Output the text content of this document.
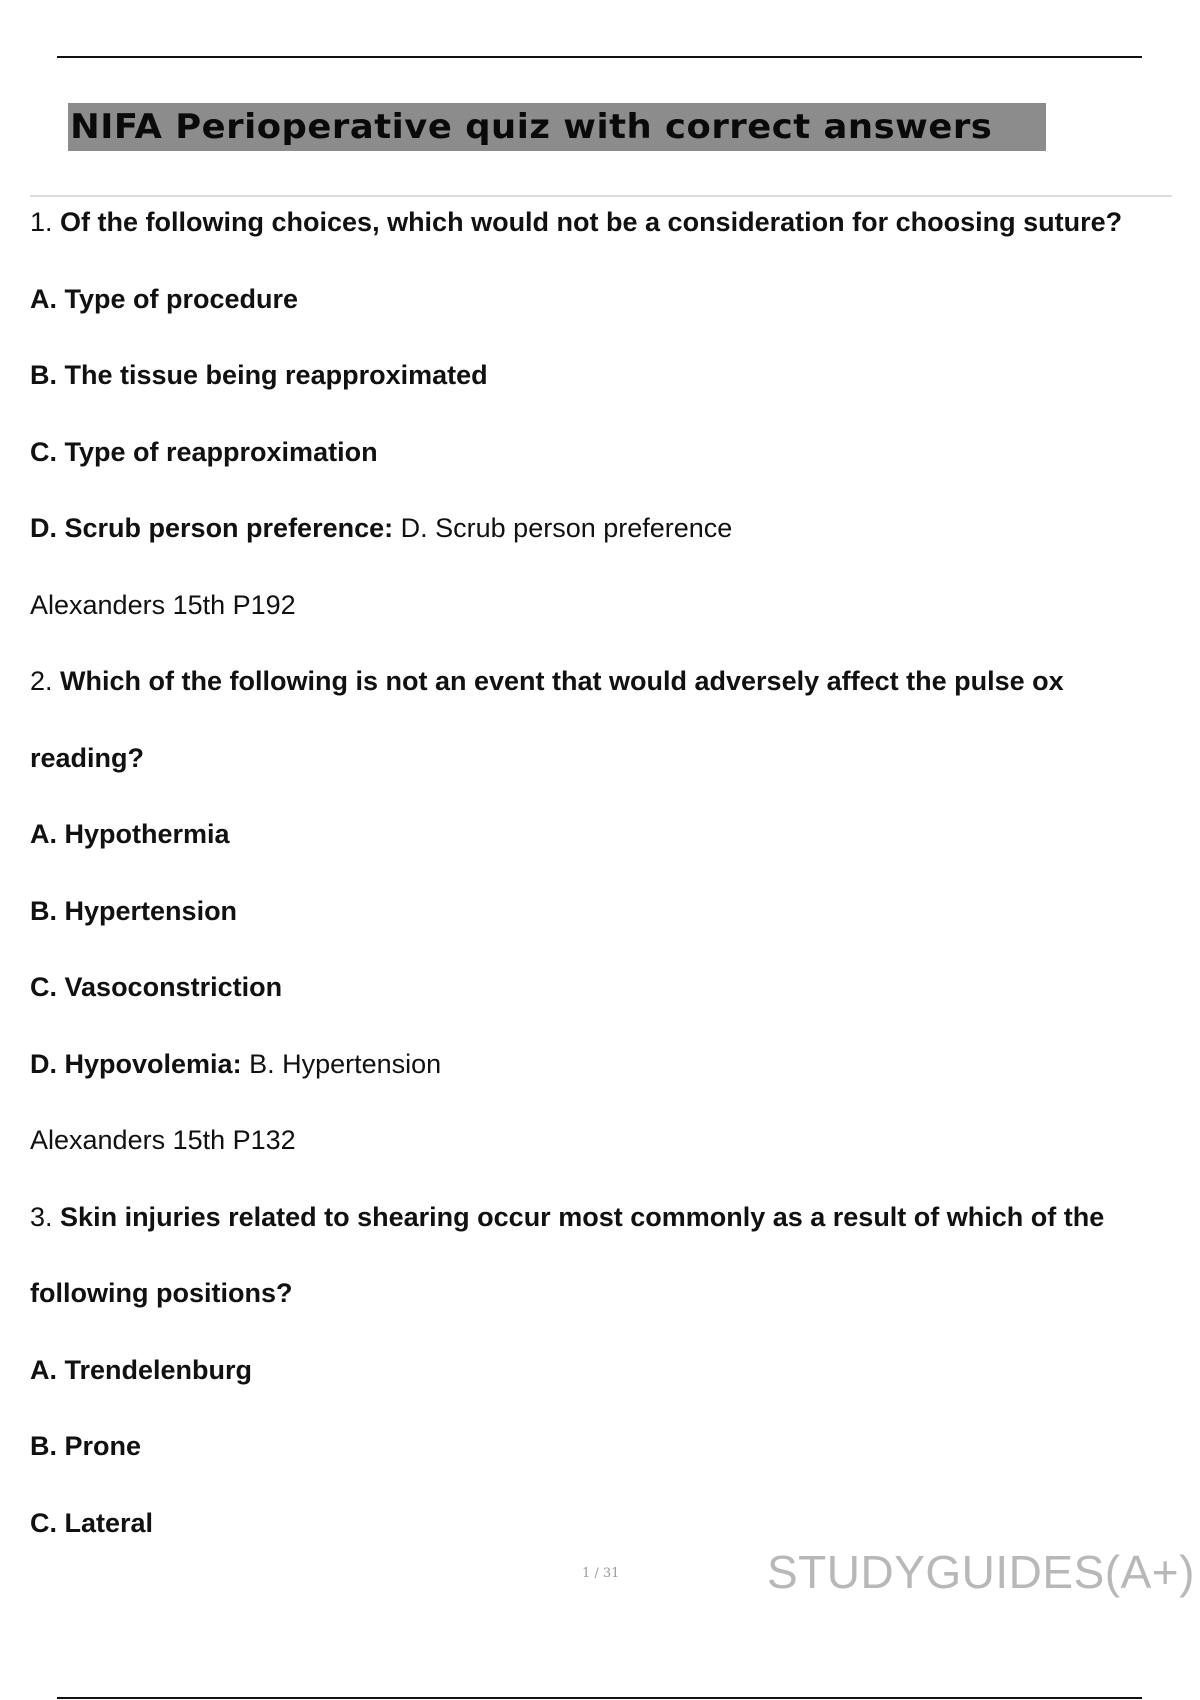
NIFA Perioperative quiz with correct answers
1. Of the following choices, which would not be a consideration for choosing suture?
A. Type of procedure
B. The tissue being reapproximated
C. Type of reapproximation
D. Scrub person preference: D. Scrub person preference
Alexanders 15th P192
2. Which of the following is not an event that would adversely affect the pulse ox
reading?
A. Hypothermia
B. Hypertension
C. Vasoconstriction
D. Hypovolemia: B. Hypertension
Alexanders 15th P132
3. Skin injuries related to shearing occur most commonly as a result of which of the
following positions?
A. Trendelenburg
B. Prone
C. Lateral
1 / 31	STUDYGUIDES(A+)
